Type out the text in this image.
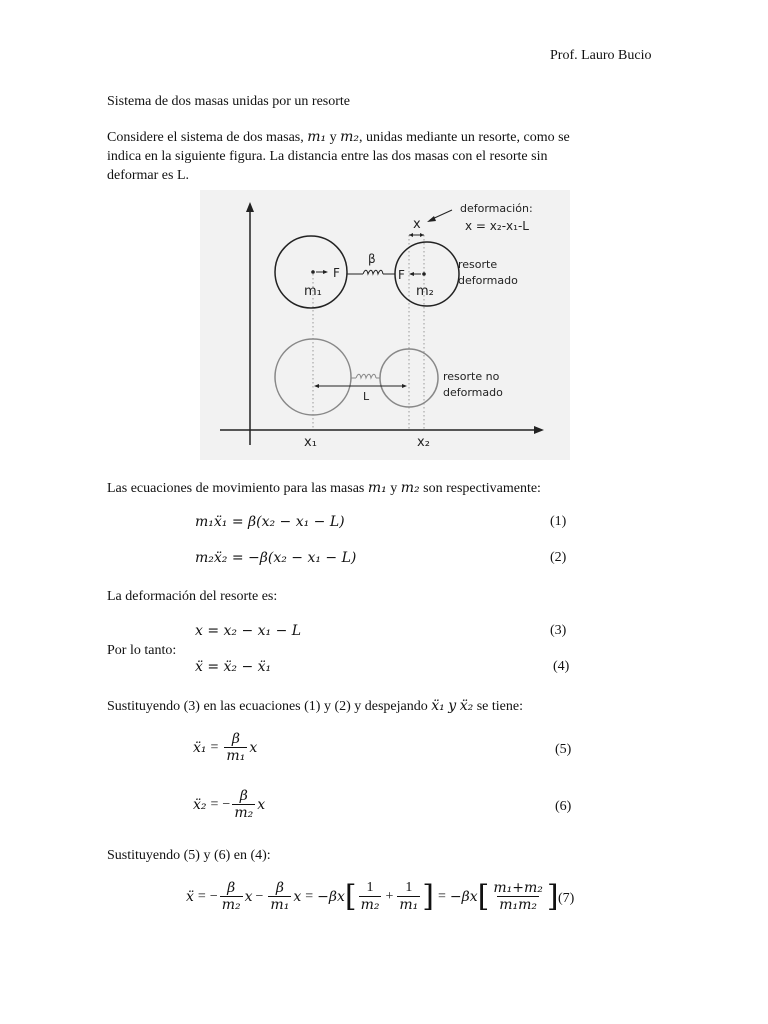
Prof. Lauro Bucio
Sistema de dos masas unidas por un resorte
Considere el sistema de dos masas, m₁ y m₂, unidas mediante un resorte, como se
indica en la siguiente figura. La distancia entre las dos masas con el resorte sin
deformar es L.
x
deformación:
x = x₂-x₁-L
F	F
m₁	m₂
β	resorte
deformado
L
resorte no
deformado
x₁	x₂
Las ecuaciones de movimiento para las masas m₁ y m₂ son respectivamente:
m₁ẍ₁ = β(x₂ − x₁ − L)	(1)
m₂ẍ₂ = −β(x₂ − x₁ − L)	(2)
La deformación del resorte es:
x = x₂ − x₁ − L	(3)
Por lo tanto:
ẍ = ẍ₂ − ẍ₁	(4)
Sustituyendo (3) en las ecuaciones (1) y (2) y despejando ẍ₁ y ẍ₂ se tiene:
ẍ₁ = $\frac{\beta}{\text{m₁}}$ x	(5)
ẍ₂ = − $\frac{\beta}{\text{m₂}}$ x	(6)
Sustituyendo (5) y (6) en (4):
ẍ = − $\frac{\beta}{\text{m₂}}$ $x - \frac{\beta}{\text{m₁}}$ x = −βx [ $\frac{1}{\text{m₂}} + \frac{1}{\text{m₁}}$ ] = −βx [ $\frac{\text{m₁+m₂}}{\text{m₁m₂}}$ ] (7)
